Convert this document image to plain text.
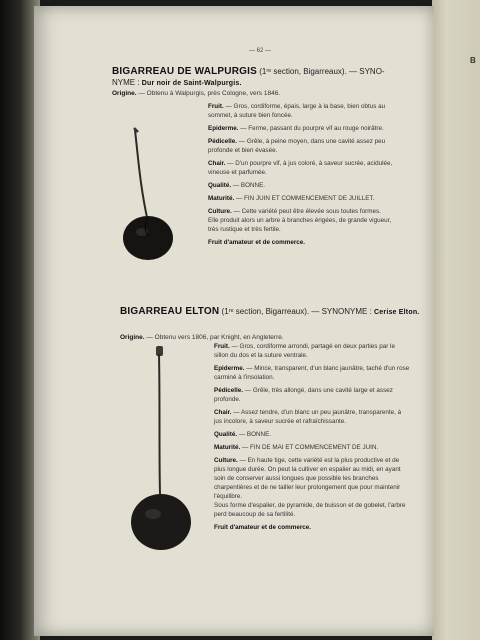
B
— 62 —
BIGARREAU DE WALPURGIS (1ʳᵉ section, Bigarreaux). — SYNO-
NYME : Dur noir de Saint-Walpurgis.
Origine. — Obtenu à Walpurgis, près Cologne, vers 1846.

Fruit. — Gros, cordiforme, épais, large à la base, bien obtus au sommet, à suture bien foncée.

Epiderme. — Ferme, passant du pourpre vif au rouge noirâtre.

Pédicelle. — Grêle, à peine moyen, dans une cavité assez peu profonde et bien évasée.

Chair. — D'un pourpre vif, à jus coloré, à saveur sucrée, acidulée, vineuse et parfumée.

Qualité. — BONNE.

Maturité. — FIN JUIN ET COMMENCEMENT DE JUILLET.

Culture. — Cette variété peut être élevée sous toutes formes.

Elle produit alors un arbre à branches érigées, de grande vigueur, très rustique et très fertile.

Fruit d'amateur et de commerce.

BIGARREAU ELTON (1ʳᵉ section, Bigarreaux). — SYNONYME : Cerise Elton.
Origine. — Obtenu vers 1806, par Knight, en Angleterre.

Fruit. — Gros, cordiforme arrondi, partagé en deux parties par le sillon du dos et la suture ventrale.

Epiderme. — Mince, transparent, d'un blanc jaunâtre, taché d'un rose carminé à l'insolation.

Pédicelle. — Grêle, très allongé, dans une cavité large et assez profonde.

Chair. — Assez tendre, d'un blanc un peu jaunâtre, transparente, à jus incolore, à saveur sucrée et rafraîchissante.

Qualité. — BONNE.

Maturité. — FIN DE MAI ET COMMENCEMENT DE JUIN.

Culture. — En haute tige, cette variété est la plus productive et de plus longue durée. On peut la cultiver en espalier au midi, en ayant soin de conserver aussi longues que possible les branches charpentières et de ne tailler leur prolongement que pour maintenir l'équilibre.

Sous forme d'espalier, de pyramide, de buisson et de gobelet, l'arbre perd beaucoup de sa fertilité.

Fruit d'amateur et de commerce.
